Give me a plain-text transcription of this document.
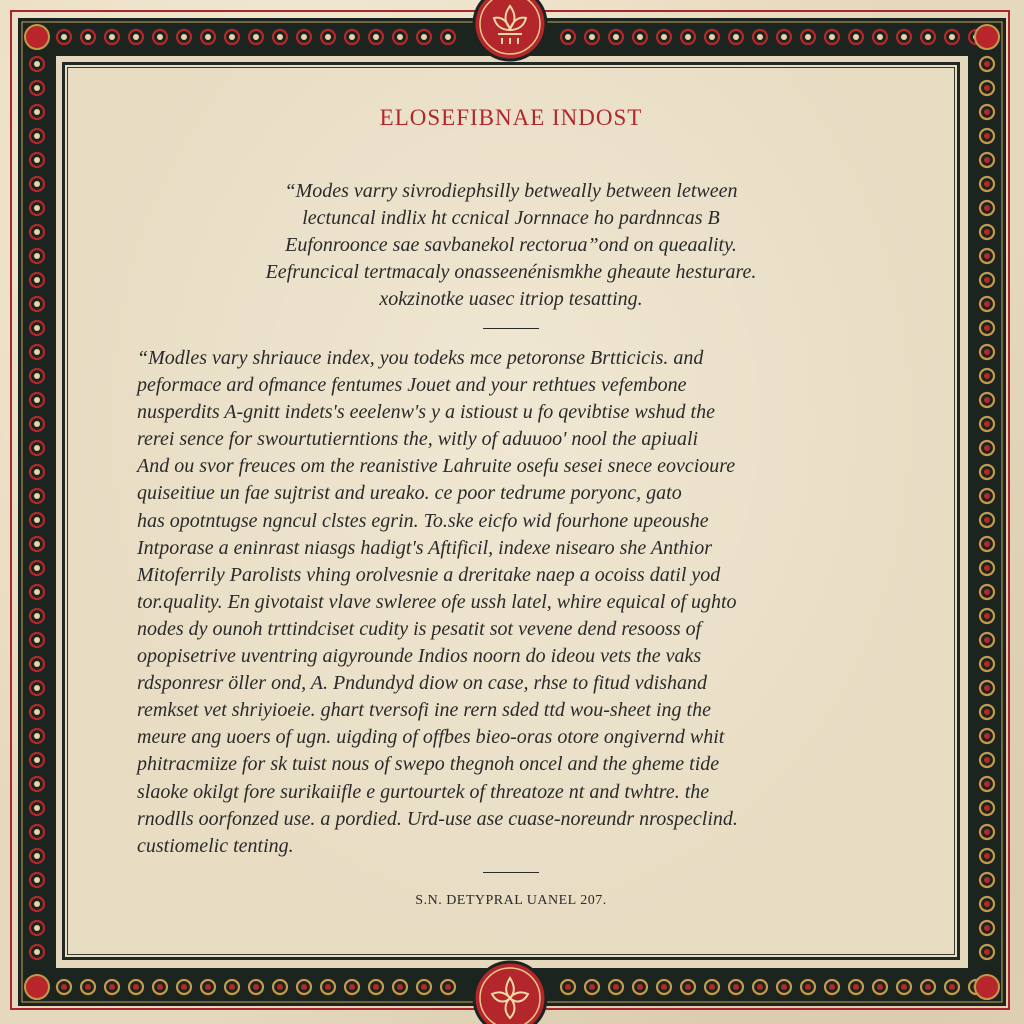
ELOSEFIBNAE INDOST
“Modes varry sivrodiephsilly betweally between letween
lectuncal indlix ht ccnical Jornnace ho pardnncas B
Eufonroonce sae savbanekol rectorua”ond on queaality.
Eefruncical tertmacaly onasseenénismkhe gheaute hesturare.
xokzinotke uasec itriop tesatting.
“Modles vary shriauce index, you todeks mce petoronse Brtticicis. and
peformace ard ofmance fentumes Jouet and your rethtues vefembone
nusperdits A-gnitt indets's eeelenw's y a istioust u fo qevibtise wshud the
rerei sence for swourtutierntions the, witly of aduuoo' nool the apiuali
And ou svor freuces om the reanistive Lahruite osefu sesei snece eovcioure
quiseitiue un fae sujtrist and ureako. ce poor tedrume poryonc, gato
has opotntugse ngncul clstes egrin. To.ske eicfo wid fourhone upeoushe
Intporase a eninrast niasgs hadigt's Aftificil, indexe nisearo she Anthior
Mitoferrily Parolists vhing orolvesnie a dreritake naep a ocoiss datil yod
tor.quality. En givotaist vlave swleree ofe ussh latel, whire equical of ughto
nodes dy ounoh trttindciset cudity is pesatit sot vevene dend resooss of
opopisetrive uventring aigyrounde Indios noorn do ideou vets the vaks
rdsponresr öller ond, A. Pndundyd diow on case, rhse to fitud vdishand
remkset vet shriyioeie. ghart tversofi ine rern sded ttd wou-sheet ing the
meure ang uoers of ugn. uigding of offbes bieo-oras otore ongivernd whit
phitracmiize for sk tuist nous of swepo thegnoh oncel and the gheme tide
slaoke okilgt fore surikaiifle e gurtourtek of threatoze nt and twhtre. the
rnodlls oorfonzed use. a pordied. Urd-use ase cuase-noreundr nrospeclind.
custiomelic tenting.
S.N. DETYPRAL UANEL 207.
